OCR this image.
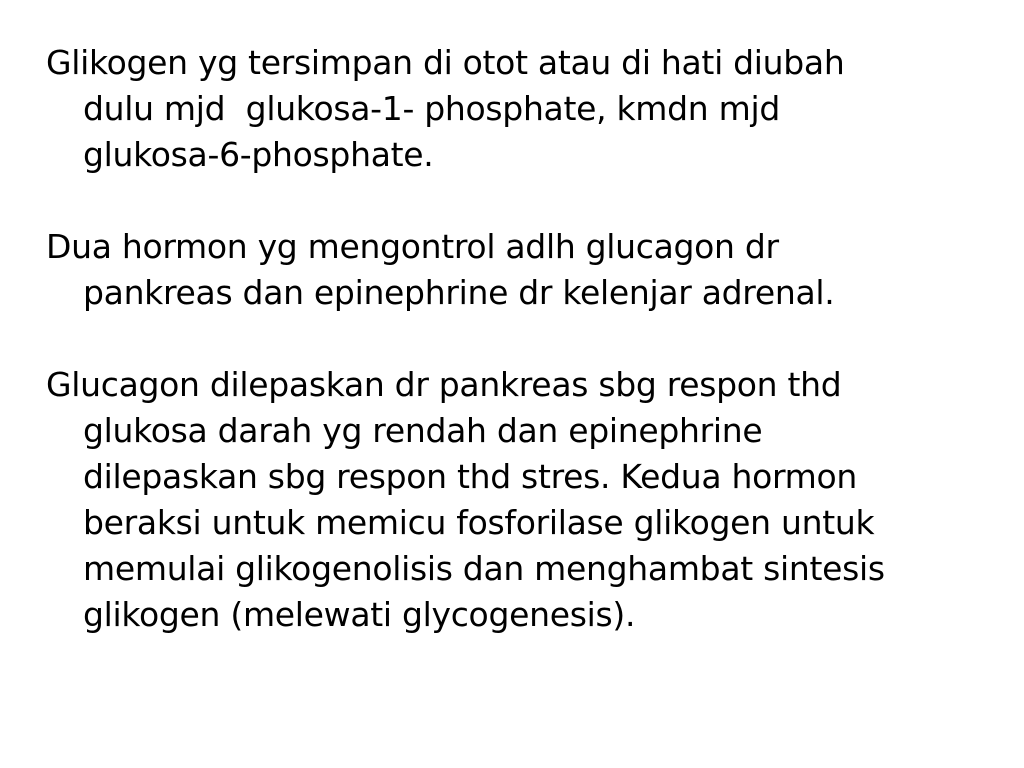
Glikogen yg tersimpan di otot atau di hati diubah
dulu mjd  glukosa-1- phosphate, kmdn mjd
glukosa-6-phosphate.

Dua hormon yg mengontrol adlh glucagon dr
pankreas dan epinephrine dr kelenjar adrenal.

Glucagon dilepaskan dr pankreas sbg respon thd
glukosa darah yg rendah dan epinephrine
dilepaskan sbg respon thd stres. Kedua hormon
beraksi untuk memicu fosforilase glikogen untuk
memulai glikogenolisis dan menghambat sintesis
glikogen (melewati glycogenesis).
